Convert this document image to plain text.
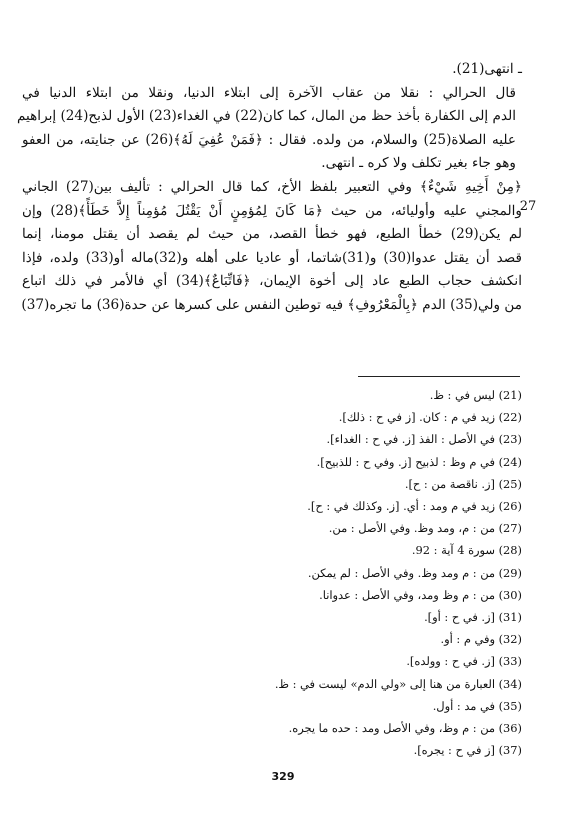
ـ انتهى(21).

قال الحرالي : نقلا من عقاب الآخرة إلى ابتلاء الدنيا، ونقلا من ابتلاء الدنيا في
الدم إلى الكفارة بأخذ حظ من المال، كما كان(22) في الغداء(23) الأول لذبح(24) إبراهيم
عليه الصلاة(25) والسلام، من ولده. فقال : ﴿فَمَنْ عُفِيَ لَهُ﴾(26) عن جنايته، من العفو
وهو جاء بغير تكلف ولا كره ـ انتهى.

﴿مِنْ أَخِيهِ شَيْءٌ﴾ وفي التعبير بلفظ الأخ، كما قال الحرالي : تأليف بين(27) الجاني
والمجني عليه وأوليائه، من حيث ﴿مَا كَانَ لِمُؤمِنٍ أَنْ يَقْتُلَ مُؤمِناً إِلاَّ خَطَأً﴾(28) وإن
لم يكن(29) خطأ الطبع، فهو خطأ القصد، من حيث لم يقصد أن يقتل مومنا، إنما
قصد أن يقتل عدوا(30) و(31)شاتما، أو عاديا على أهله و(32)ماله أو(33) ولده، فإذا
انكشف حجاب الطبع عاد إلى أخوة الإيمان، ﴿فَاتِّبَاعٌ﴾(34) أي فالأمر في ذلك اتباع
من ولي(35) الدم ﴿بِالْمَعْرُوفِ﴾ فيه توطين النفس على كسرها عن حدة(36) ما تجره(37)

27
(21) ليس في : ظ.
(22) زيد في م : كان. [ز في ح : ذلك].
(23) في الأصل : الفذ [ز. في ح : الغداء].
(24) في م وظ : لذبيح [ز. وفي ح : للذبيح].
(25) [ز. ناقصة من : ح].
(26) زيد في م ومد : أي. [ز. وكذلك في : ح].
(27) من : م، ومد وظ. وفي الأصل : من.
(28) سورة 4 آية : 92.
(29) من : م ومد وظ. وفي الأصل : لم يمكن.
(30) من : م وظ ومد، وفي الأصل : عدوانا.
(31) [ز. في ح : أو].
(32) وفي م : أو.
(33) [ز. في ح : وولده].
(34) العبارة من هنا إلى «ولي الدم» ليست في : ظ.
(35) في مد : أول.
(36) من : م وظ، وفي الأصل ومد : حده ما يجره.
(37) [ز في ح : يجره].
329
